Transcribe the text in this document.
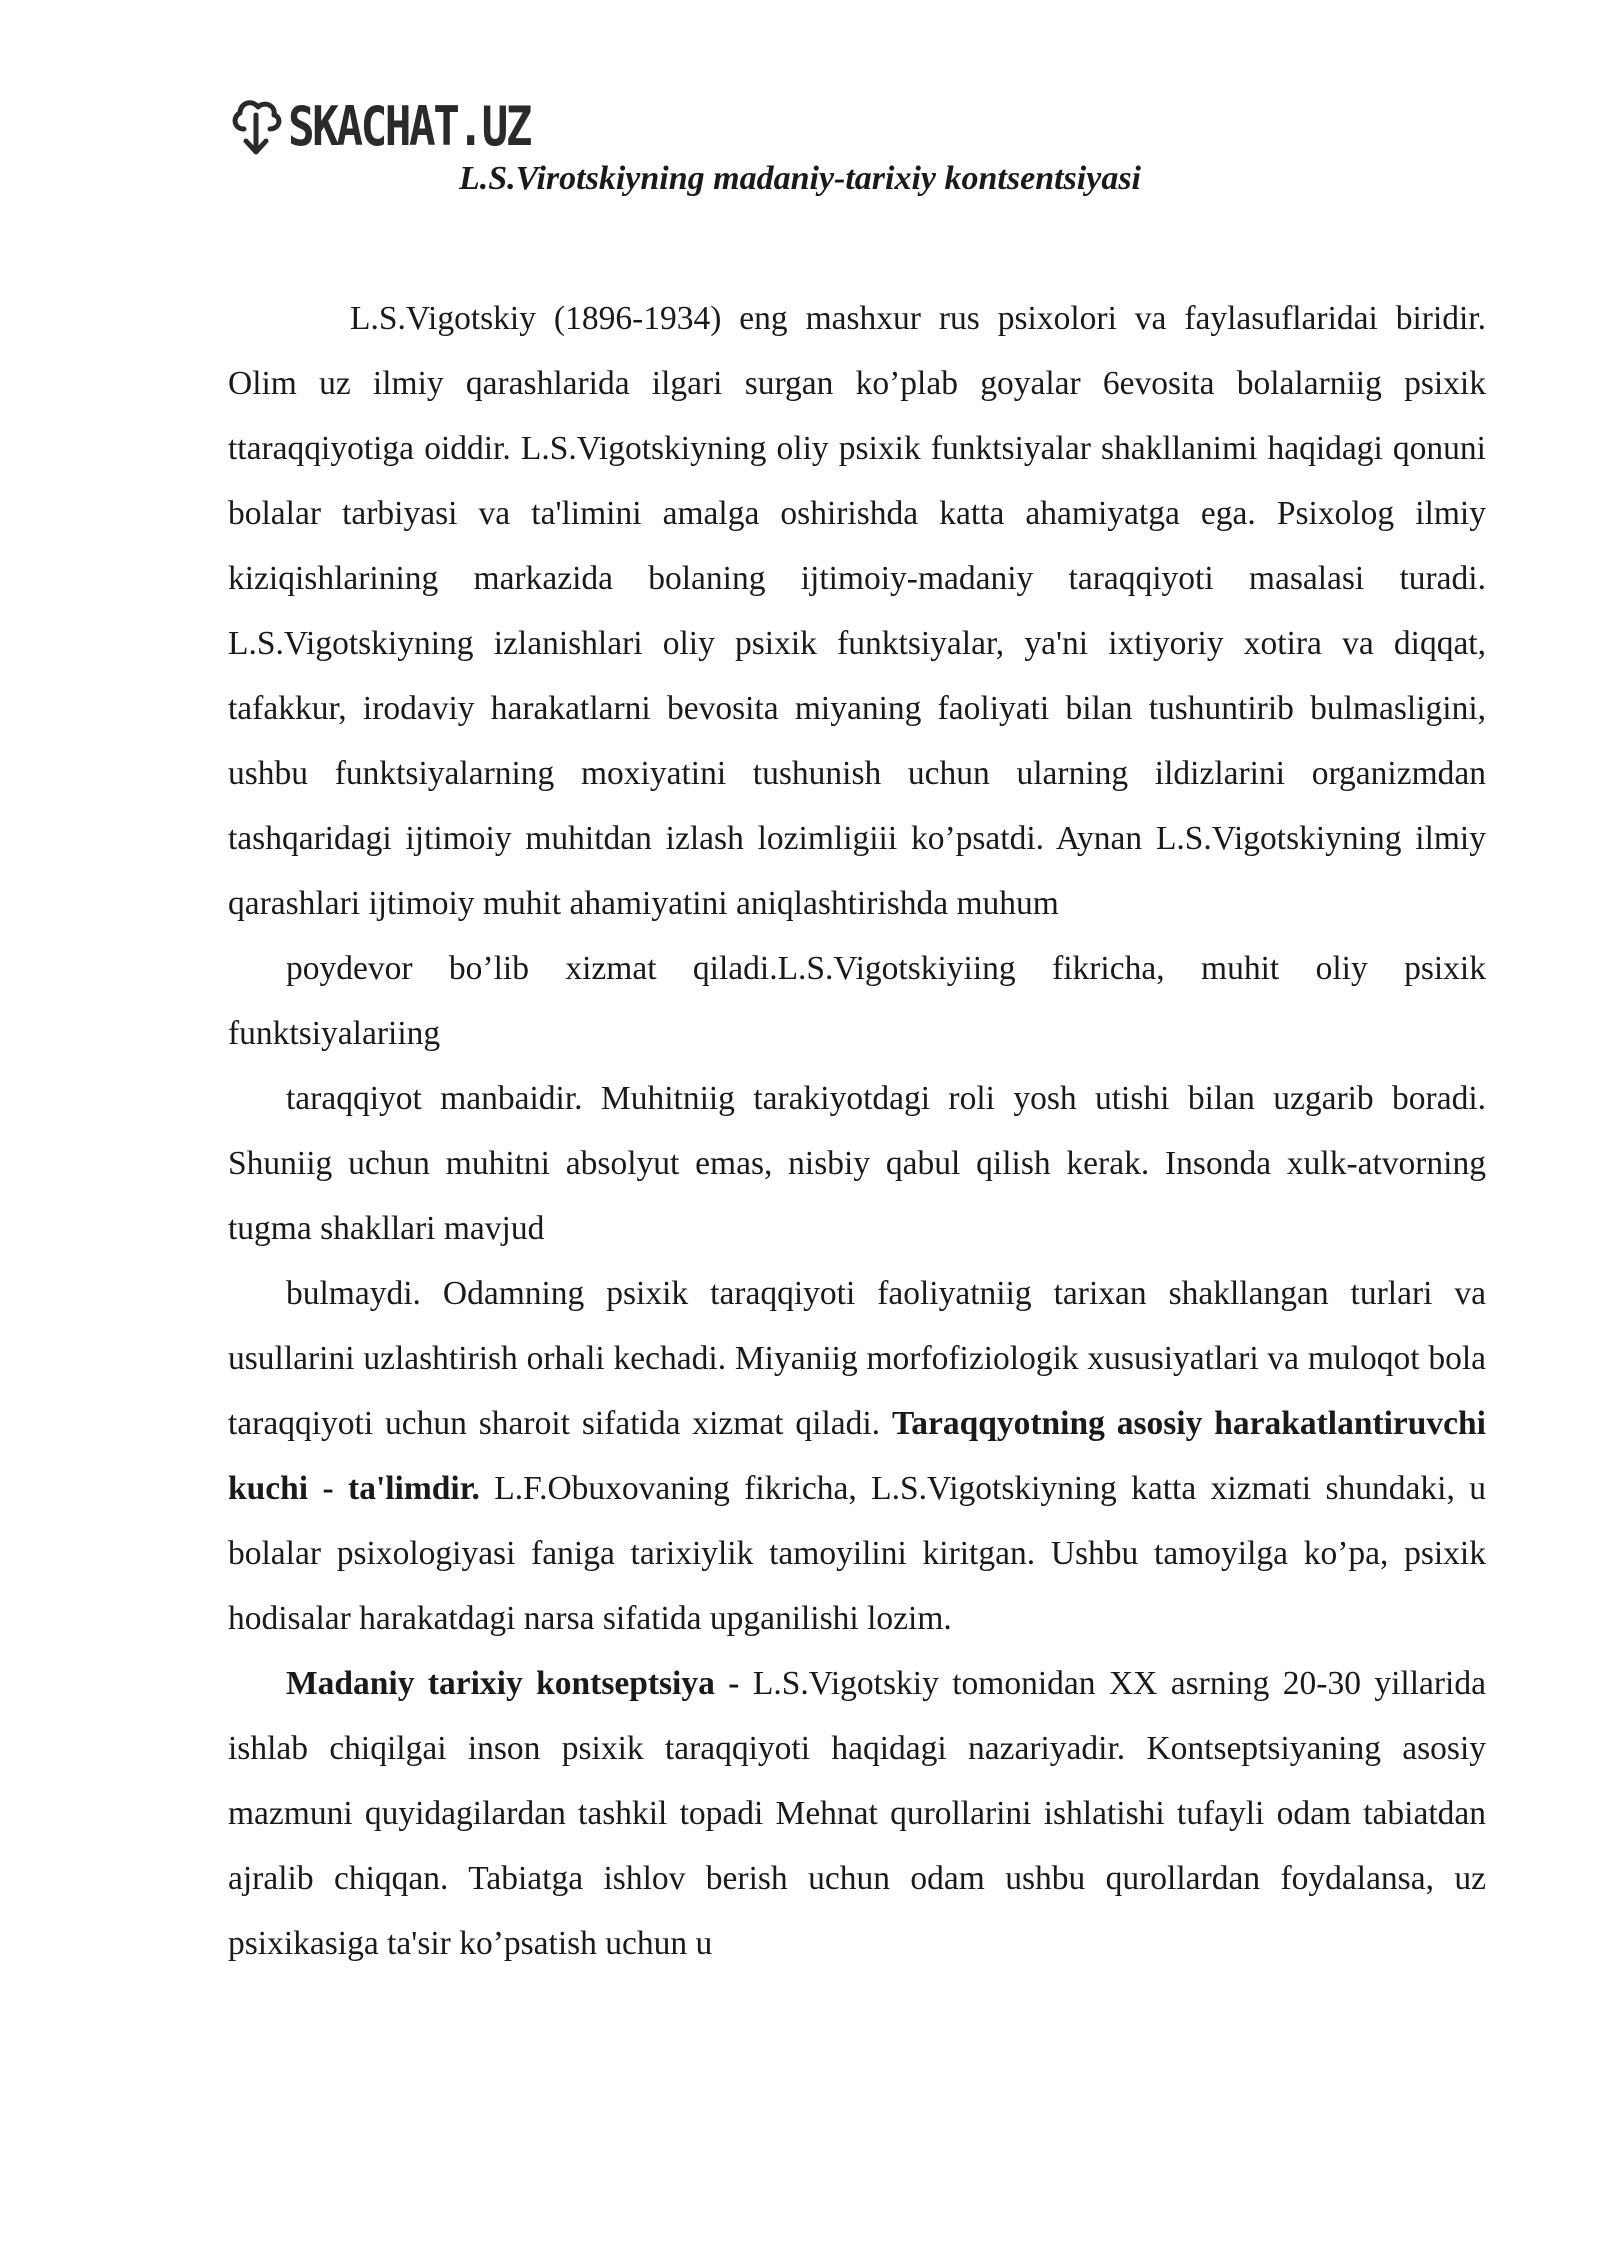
SKACHAT.UZ
L.S.Virotskiyning madaniy-tarixiy kontsentsiyasi

L.S.Vigotskiy (1896-1934) eng mashxur rus psixolori va faylasuflaridai biridir. Olim uz ilmiy qarashlarida ilgari surgan ko’plab goyalar 6evosita bolalarniig psixik ttaraqqiyotiga oiddir. L.S.Vigotskiyning oliy psixik funktsiyalar shakllanimi haqidagi qonuni bolalar tarbiyasi va ta'limini amalga oshirishda katta ahamiyatga ega. Psixolog ilmiy kiziqishlarining markazida bolaning ijtimoiy-madaniy taraqqiyoti masalasi turadi. L.S.Vigotskiyning izlanishlari oliy psixik funktsiyalar, ya'ni ixtiyoriy xotira va diqqat, tafakkur, irodaviy harakatlarni bevosita miyaning faoliyati bilan tushuntirib bulmasligini, ushbu funktsiyalarning moxiyatini tushunish uchun ularning ildizlarini organizmdan tashqaridagi ijtimoiy muhitdan izlash lozimligiii ko’psatdi. Aynan L.S.Vigotskiyning ilmiy qarashlari ijtimoiy muhit ahamiyatini aniqlashtirishda muhum

poydevor bo’lib xizmat qiladi.L.S.Vigotskiyiing fikricha, muhit oliy psixik funktsiyalariing

taraqqiyot manbaidir. Muhitniig tarakiyotdagi roli yosh utishi bilan uzgarib boradi. Shuniig uchun muhitni absolyut emas, nisbiy qabul qilish kerak. Insonda xulk-atvorning tugma shakllari mavjud

bulmaydi. Odamning psixik taraqqiyoti faoliyatniig tarixan shakllangan turlari va usullarini uzlashtirish orhali kechadi. Miyaniig morfofiziologik xususiyatlari va muloqot bola taraqqiyoti uchun sharoit sifatida xizmat qiladi. Taraqqyotning asosiy harakatlantiruvchi kuchi - ta'limdir. L.F.Obuxovaning fikricha, L.S.Vigotskiyning katta xizmati shundaki, u bolalar psixologiyasi faniga tarixiylik tamoyilini kiritgan. Ushbu tamoyilga ko’pa, psixik hodisalar harakatdagi narsa sifatida upganilishi lozim.

Madaniy tarixiy kontseptsiya - L.S.Vigotskiy tomonidan XX asrning 20-30 yillarida ishlab chiqilgai inson psixik taraqqiyoti haqidagi nazariyadir. Kontseptsiyaning asosiy mazmuni quyidagilardan tashkil topadi Mehnat qurollarini ishlatishi tufayli odam tabiatdan ajralib chiqqan. Tabiatga ishlov berish uchun odam ushbu qurollardan foydalansa, uz psixikasiga ta'sir ko’psatish uchun u
